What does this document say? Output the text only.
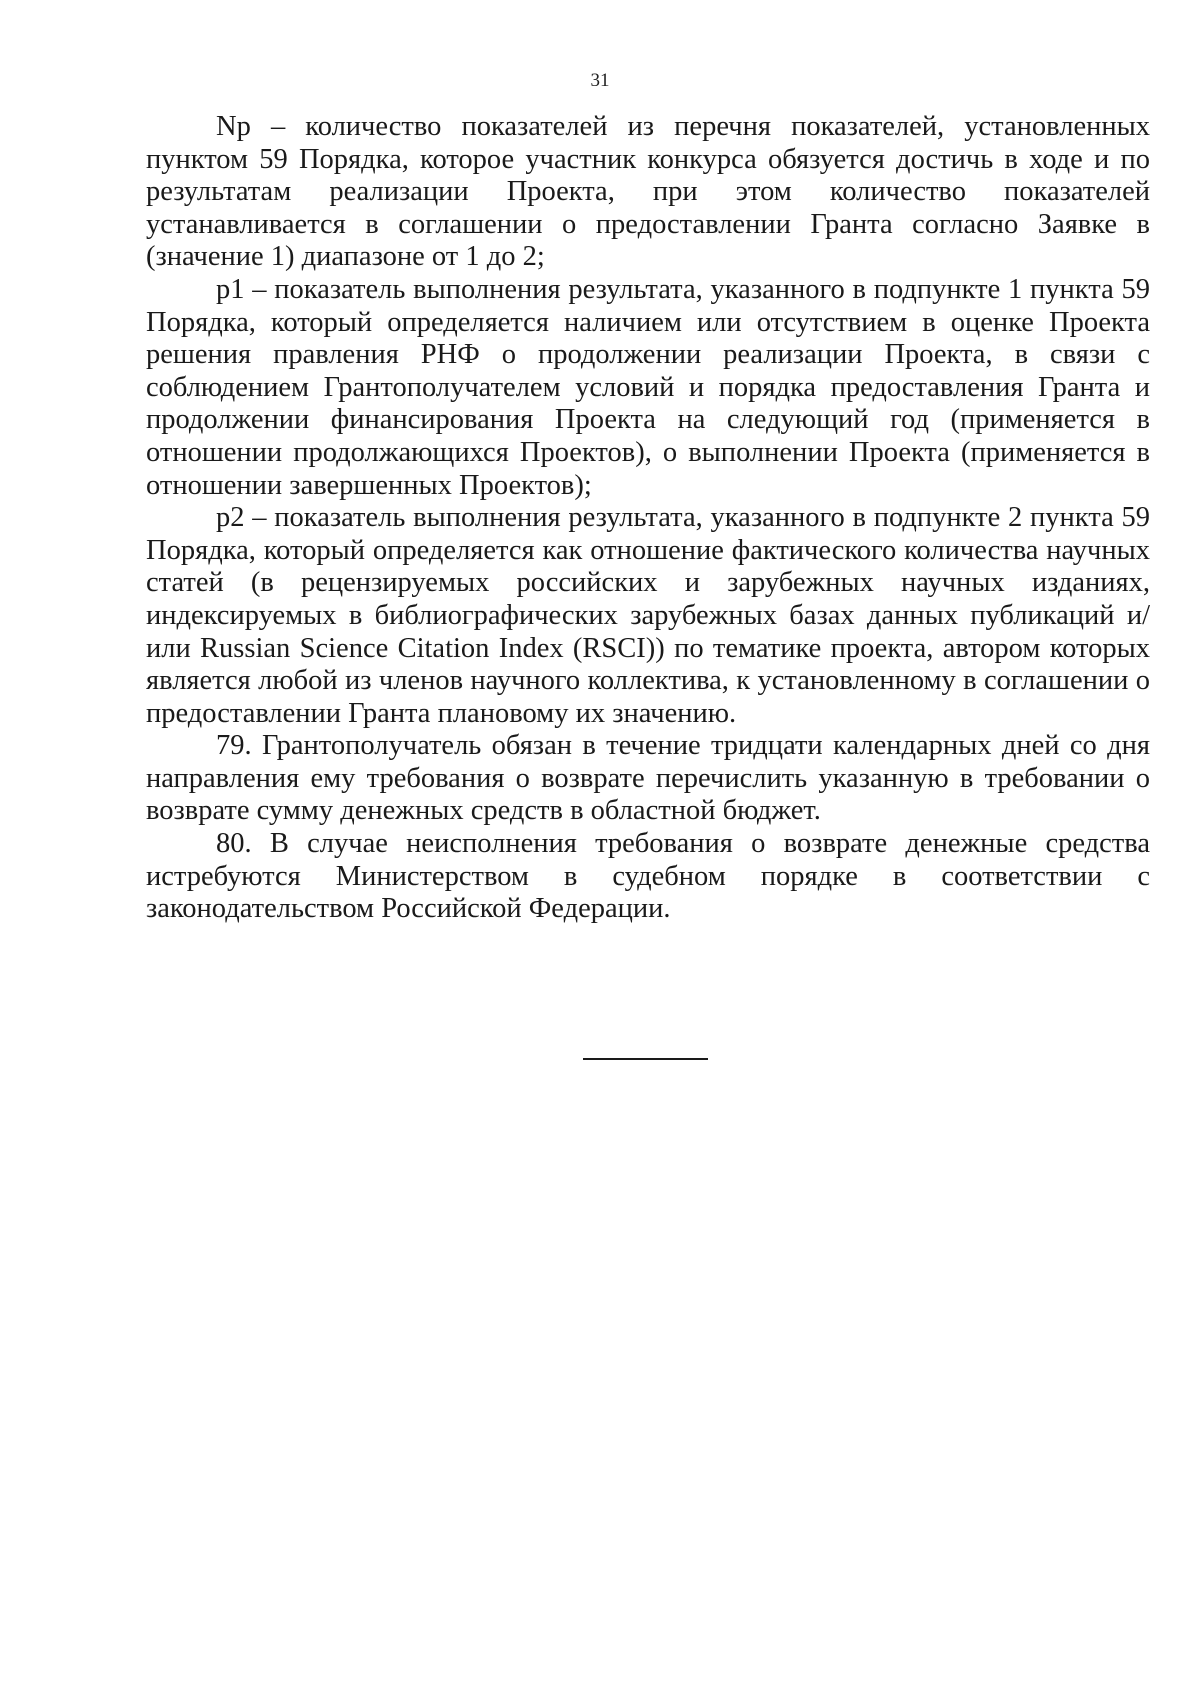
31

Np – количество показателей из перечня показателей, установленных пунктом 59 Порядка, которое участник конкурса обязуется достичь в ходе и по результатам реализации Проекта, при этом количество показателей устанавливается в соглашении о предоставлении Гранта согласно Заявке в (значение 1) диапазоне от 1 до 2;

p1 – показатель выполнения результата, указанного в подпункте 1 пункта 59 Порядка, который определяется наличием или отсутствием в оценке Проекта решения правления РНФ о продолжении реализации Проекта, в связи с соблюдением Грантополучателем условий и порядка предоставления Гранта и продолжении финансирования Проекта на следующий год (применяется в отношении продолжающихся Проектов), о выполнении Проекта (применяется в отношении завершенных Проектов);

p2 – показатель выполнения результата, указанного в подпункте 2 пункта 59 Порядка, который определяется как отношение фактического количества научных статей (в рецензируемых российских и зарубежных научных изданиях, индексируемых в библиографических зарубежных базах данных публикаций и/или Russian Science Citation Index (RSCI)) по тематике проекта, автором которых является любой из членов научного коллектива, к установленному в соглашении о предоставлении Гранта плановому их значению.

79. Грантополучатель обязан в течение тридцати календарных дней со дня направления ему требования о возврате перечислить указанную в требовании о возврате сумму денежных средств в областной бюджет.

80. В случае неисполнения требования о возврате денежные средства истребуются Министерством в судебном порядке в соответствии с законодательством Российской Федерации.
